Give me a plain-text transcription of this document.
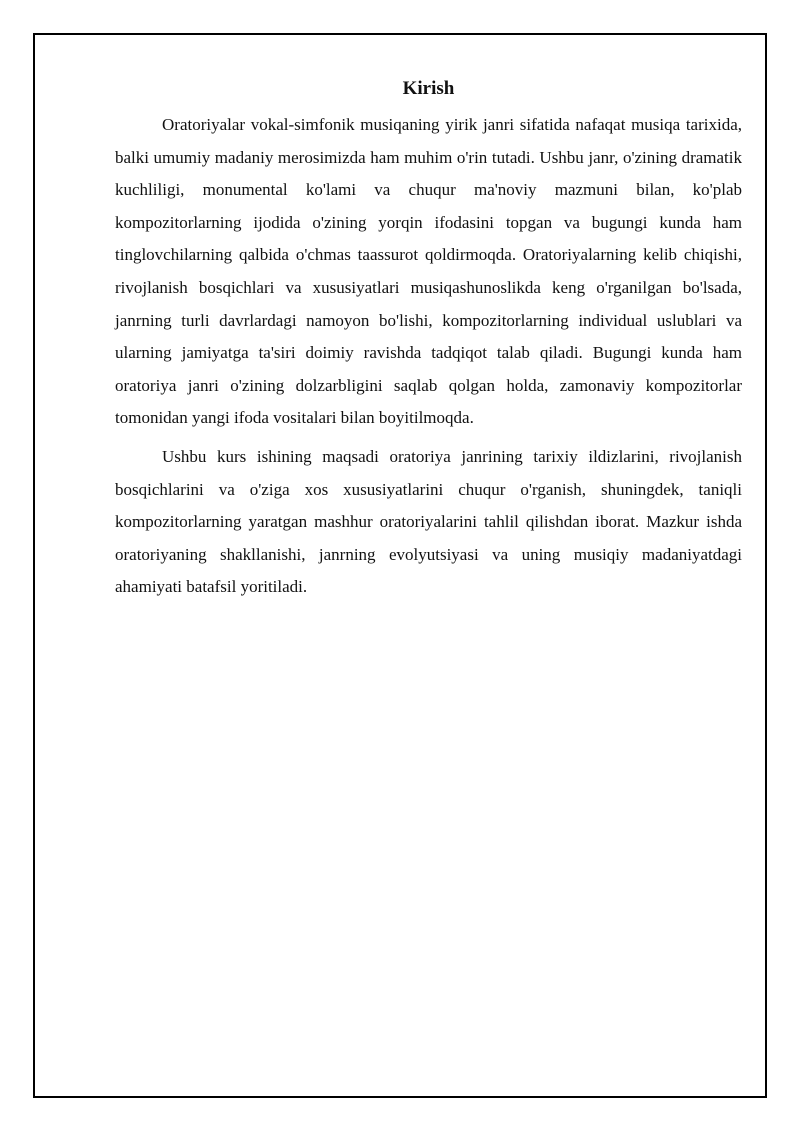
Kirish

Oratoriyalar vokal-simfonik musiqaning yirik janri sifatida nafaqat musiqa tarixida, balki umumiy madaniy merosimizda ham muhim o'rin tutadi. Ushbu janr, o'zining dramatik kuchliligi, monumental ko'lami va chuqur ma'noviy mazmuni bilan, ko'plab kompozitorlarning ijodida o'zining yorqin ifodasini topgan va bugungi kunda ham tinglovchilarning qalbida o'chmas taassurot qoldirmoqda. Oratoriyalarning kelib chiqishi, rivojlanish bosqichlari va xususiyatlari musiqashunoslikda keng o'rganilgan bo'lsada, janrning turli davrlardagi namoyon bo'lishi, kompozitorlarning individual uslublari va ularning jamiyatga ta'siri doimiy ravishda tadqiqot talab qiladi. Bugungi kunda ham oratoriya janri o'zining dolzarbligini saqlab qolgan holda, zamonaviy kompozitorlar tomonidan yangi ifoda vositalari bilan boyitilmoqda.

Ushbu kurs ishining maqsadi oratoriya janrining tarixiy ildizlarini, rivojlanish bosqichlarini va o'ziga xos xususiyatlarini chuqur o'rganish, shuningdek, taniqli kompozitorlarning yaratgan mashhur oratoriyalarini tahlil qilishdan iborat. Mazkur ishda oratoriyaning shakllanishi, janrning evolyutsiyasi va uning musiqiy madaniyatdagi ahamiyati batafsil yoritiladi.
